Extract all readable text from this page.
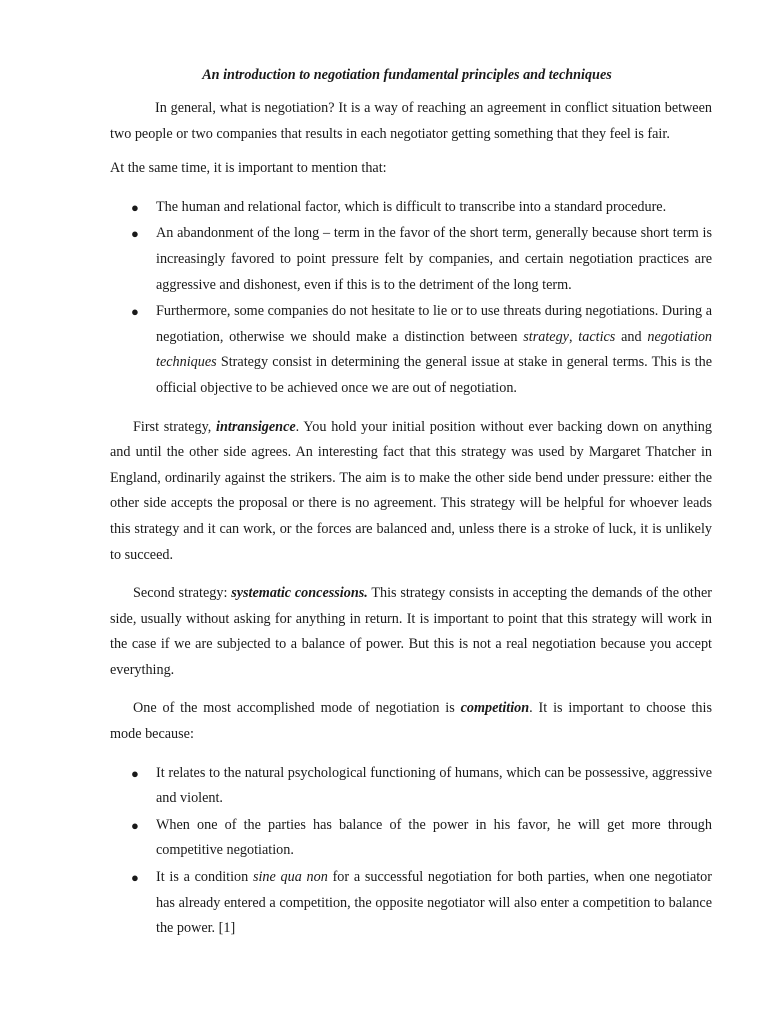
An introduction to negotiation fundamental principles and techniques

In general, what is negotiation? It is a way of reaching an agreement in conflict situation between two people or two companies that results in each negotiator getting something that they feel is fair.

At the same time, it is important to mention that:

● The human and relational factor, which is difficult to transcribe into a standard procedure.
● An abandonment of the long – term in the favor of the short term, generally because short term is increasingly favored to point pressure felt by companies, and certain negotiation practices are aggressive and dishonest, even if this is to the detriment of the long term.
● Furthermore, some companies do not hesitate to lie or to use threats during negotiations. During a negotiation, otherwise we should make a distinction between strategy, tactics and negotiation techniques Strategy consist in determining the general issue at stake in general terms. This is the official objective to be achieved once we are out of negotiation.

First strategy, intransigence. You hold your initial position without ever backing down on anything and until the other side agrees. An interesting fact that this strategy was used by Margaret Thatcher in England, ordinarily against the strikers. The aim is to make the other side bend under pressure: either the other side accepts the proposal or there is no agreement. This strategy will be helpful for whoever leads this strategy and it can work, or the forces are balanced and, unless there is a stroke of luck, it is unlikely to succeed.

Second strategy: systematic concessions. This strategy consists in accepting the demands of the other side, usually without asking for anything in return. It is important to point that this strategy will work in the case if we are subjected to a balance of power. But this is not a real negotiation because you accept everything.

One of the most accomplished mode of negotiation is competition. It is important to choose this mode because:

● It relates to the natural psychological functioning of humans, which can be possessive, aggressive and violent.
● When one of the parties has balance of the power in his favor, he will get more through competitive negotiation.
● It is a condition sine qua non for a successful negotiation for both parties, when one negotiator has already entered a competition, the opposite negotiator will also enter a competition to balance the power. [1]
